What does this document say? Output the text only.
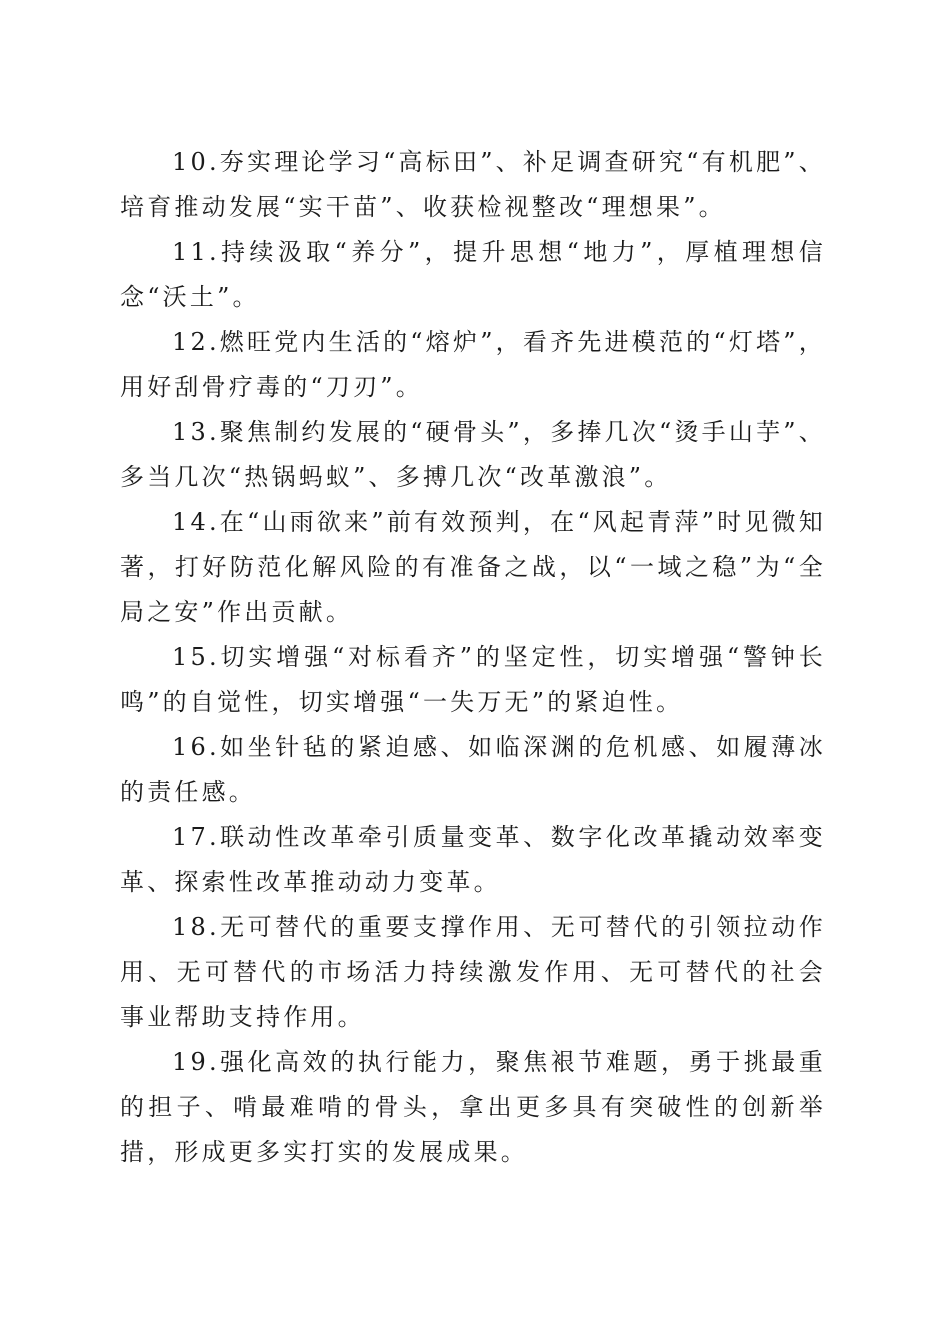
10.夯实理论学习“高标田”、补足调查研究“有机肥”、培育推动发展“实干苗”、收获检视整改“理想果”。

11.持续汲取“养分”，提升思想“地力”，厚植理想信念“沃土”。

12.燃旺党内生活的“熔炉”，看齐先进模范的“灯塔”，用好刮骨疗毒的“刀刃”。

13.聚焦制约发展的“硬骨头”，多捧几次“烫手山芋”、多当几次“热锅蚂蚁”、多搏几次“改革激浪”。

14.在“山雨欲来”前有效预判，在“风起青萍”时见微知著，打好防范化解风险的有准备之战，以“一域之稳”为“全局之安”作出贡献。

15.切实增强“对标看齐”的坚定性，切实增强“警钟长鸣”的自觉性，切实增强“一失万无”的紧迫性。

16.如坐针毡的紧迫感、如临深渊的危机感、如履薄冰的责任感。

17.联动性改革牵引质量变革、数字化改革撬动效率变革、探索性改革推动动力变革。

18.无可替代的重要支撑作用、无可替代的引领拉动作用、无可替代的市场活力持续激发作用、无可替代的社会事业帮助支持作用。

19.强化高效的执行能力，聚焦裉节难题，勇于挑最重的担子、啃最难啃的骨头，拿出更多具有突破性的创新举措，形成更多实打实的发展成果。
